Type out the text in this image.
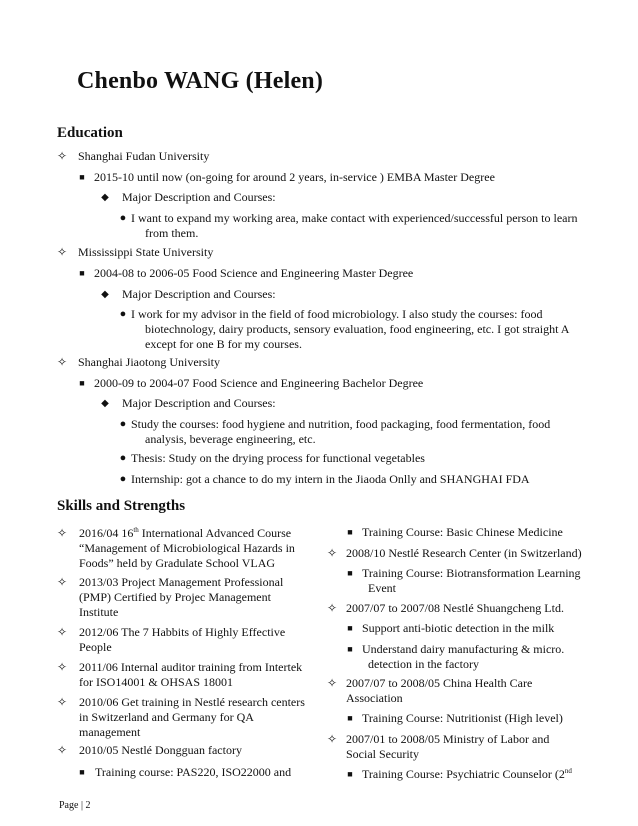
Chenbo WANG (Helen)
Education
✧ Shanghai Fudan University
■ 2015-10 until now (on-going for around 2 years, in-service ) EMBA Master Degree
◆ Major Description and Courses:
● I want to expand my working area, make contact with experienced/successful person to learn
from them.
✧ Mississippi State University
■ 2004-08 to 2006-05 Food Science and Engineering Master Degree
◆ Major Description and Courses:
● I work for my advisor in the field of food microbiology. I also study the courses: food
biotechnology, dairy products, sensory evaluation, food engineering, etc. I got straight A
except for one B for my courses.
✧ Shanghai Jiaotong University
■ 2000-09 to 2004-07 Food Science and Engineering Bachelor Degree
◆ Major Description and Courses:
● Study the courses: food hygiene and nutrition, food packaging, food fermentation, food
analysis, beverage engineering, etc.
● Thesis: Study on the drying process for functional vegetables
● Internship: got a chance to do my intern in the Jiaoda Onlly and SHANGHAI FDA
Skills and Strengths
✧ 2016/04 16th International Advanced Course
“Management of Microbiological Hazards in
Foods” held by Gradulate School VLAG
✧ 2013/03 Project Management Professional
(PMP) Certified by Projec Management
Institute
✧ 2012/06 The 7 Habbits of Highly Effective
People
✧ 2011/06 Internal auditor training from Intertek
for ISO14001 & OHSAS 18001
✧ 2010/06 Get training in Nestlé research centers
in Switzerland and Germany for QA
management
✧ 2010/05 Nestlé Dongguan factory
■ Training course: PAS220, ISO22000 and
■ Training Course: Basic Chinese Medicine
✧ 2008/10 Nestlé Research Center (in Switzerland)
■ Training Course: Biotransformation Learning
Event
✧ 2007/07 to 2007/08 Nestlé Shuangcheng Ltd.
■ Support anti-biotic detection in the milk
■ Understand dairy manufacturing & micro.
detection in the factory
✧ 2007/07 to 2008/05 China Health Care
Association
■ Training Course: Nutritionist (High level)
✧ 2007/01 to 2008/05 Ministry of Labor and
Social Security
■ Training Course: Psychiatric Counselor (2nd
Page | 2
